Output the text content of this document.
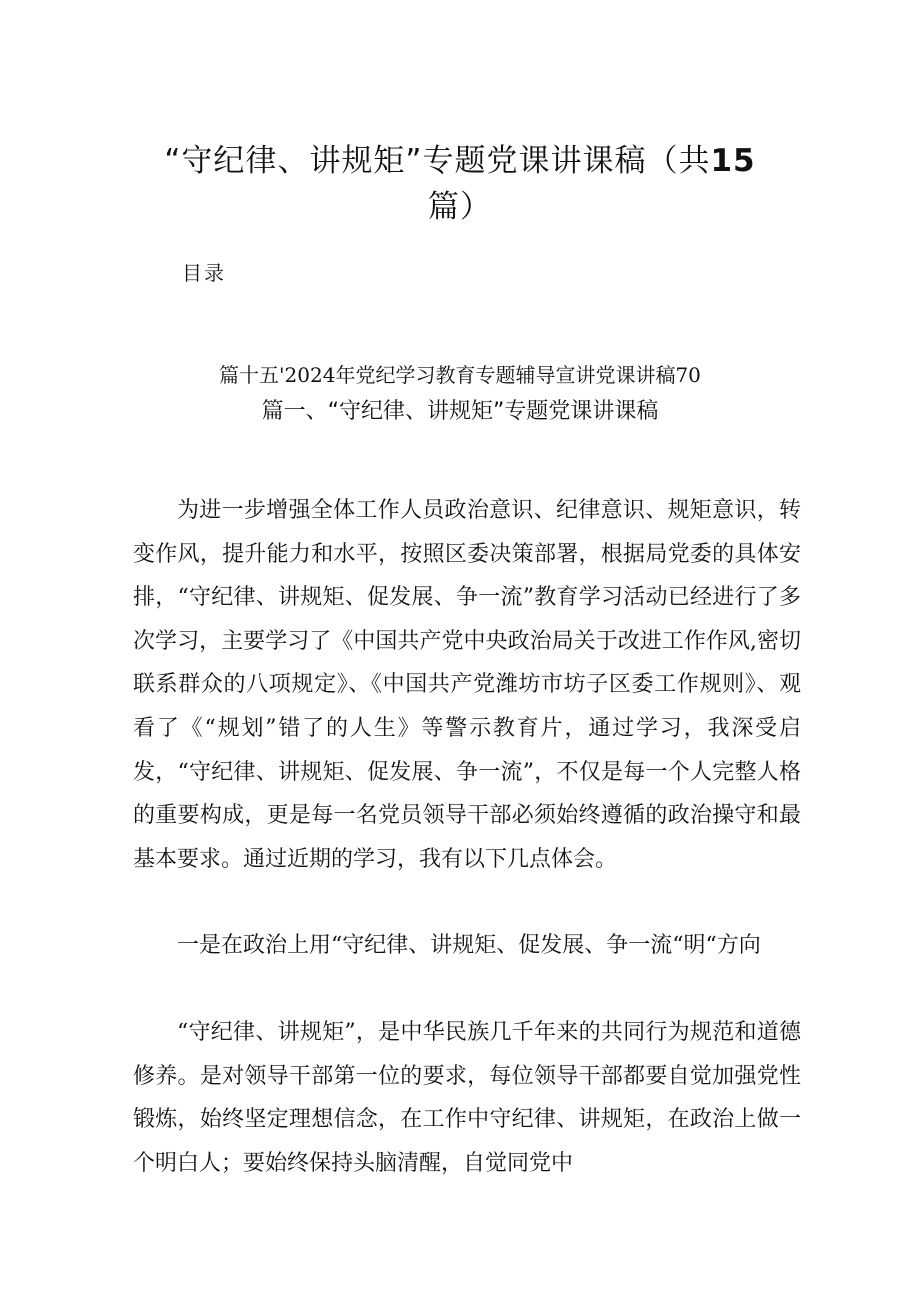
“守纪律、讲规矩”专题党课讲课稿（共15
篇）
目录
篇十五'2024年党纪学习教育专题辅导宣讲党课讲稿70
篇一、“守纪律、讲规矩”专题党课讲课稿

为进一步增强全体工作人员政治意识、纪律意识、规矩意识，转变作风，提升能力和水平，按照区委决策部署，根据局党委的具体安排，“守纪律、讲规矩、促发展、争一流”教育学习活动已经进行了多次学习，主要学习了《中国共产党中央政治局关于改进工作作风,密切联系群众的八项规定》、《中国共产党潍坊市坊子区委工作规则》、观看了《“规划”错了的人生》等警示教育片，通过学习，我深受启发，“守纪律、讲规矩、促发展、争一流”，不仅是每一个人完整人格的重要构成，更是每一名党员领导干部必须始终遵循的政治操守和最基本要求。通过近期的学习，我有以下几点体会。

一是在政治上用“守纪律、讲规矩、促发展、争一流“明“方向

“守纪律、讲规矩”，是中华民族几千年来的共同行为规范和道德修养。是对领导干部第一位的要求，每位领导干部都要自觉加强党性锻炼，始终坚定理想信念，在工作中守纪律、讲规矩，在政治上做一个明白人；要始终保持头脑清醒，自觉同党中
